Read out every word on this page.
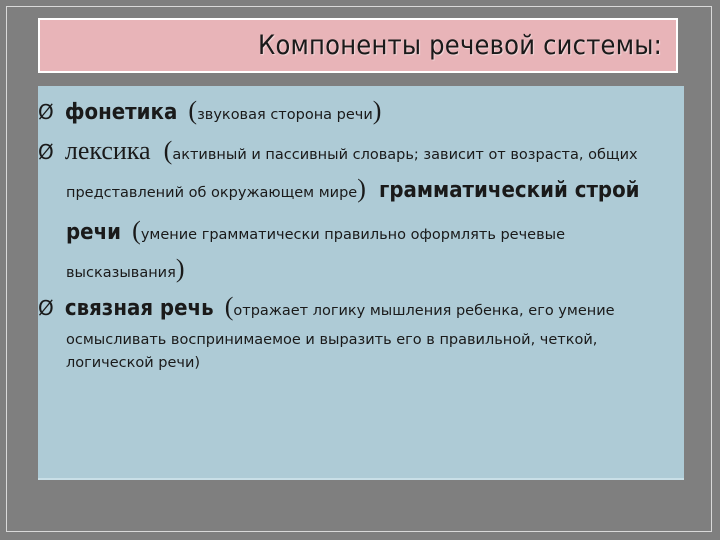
Компоненты речевой системы:
Ø фонетика (звуковая сторона речи)
Ø лексика (активный и пассивный словарь; зависит от возраста, общих
представлений об окружающем мире) грамматический строй
речи (умение грамматически правильно оформлять речевые
высказывания)
Ø связная речь (отражает логику мышления ребенка, его умение
осмысливать воспринимаемое и выразить его в правильной, четкой,
логической речи)
